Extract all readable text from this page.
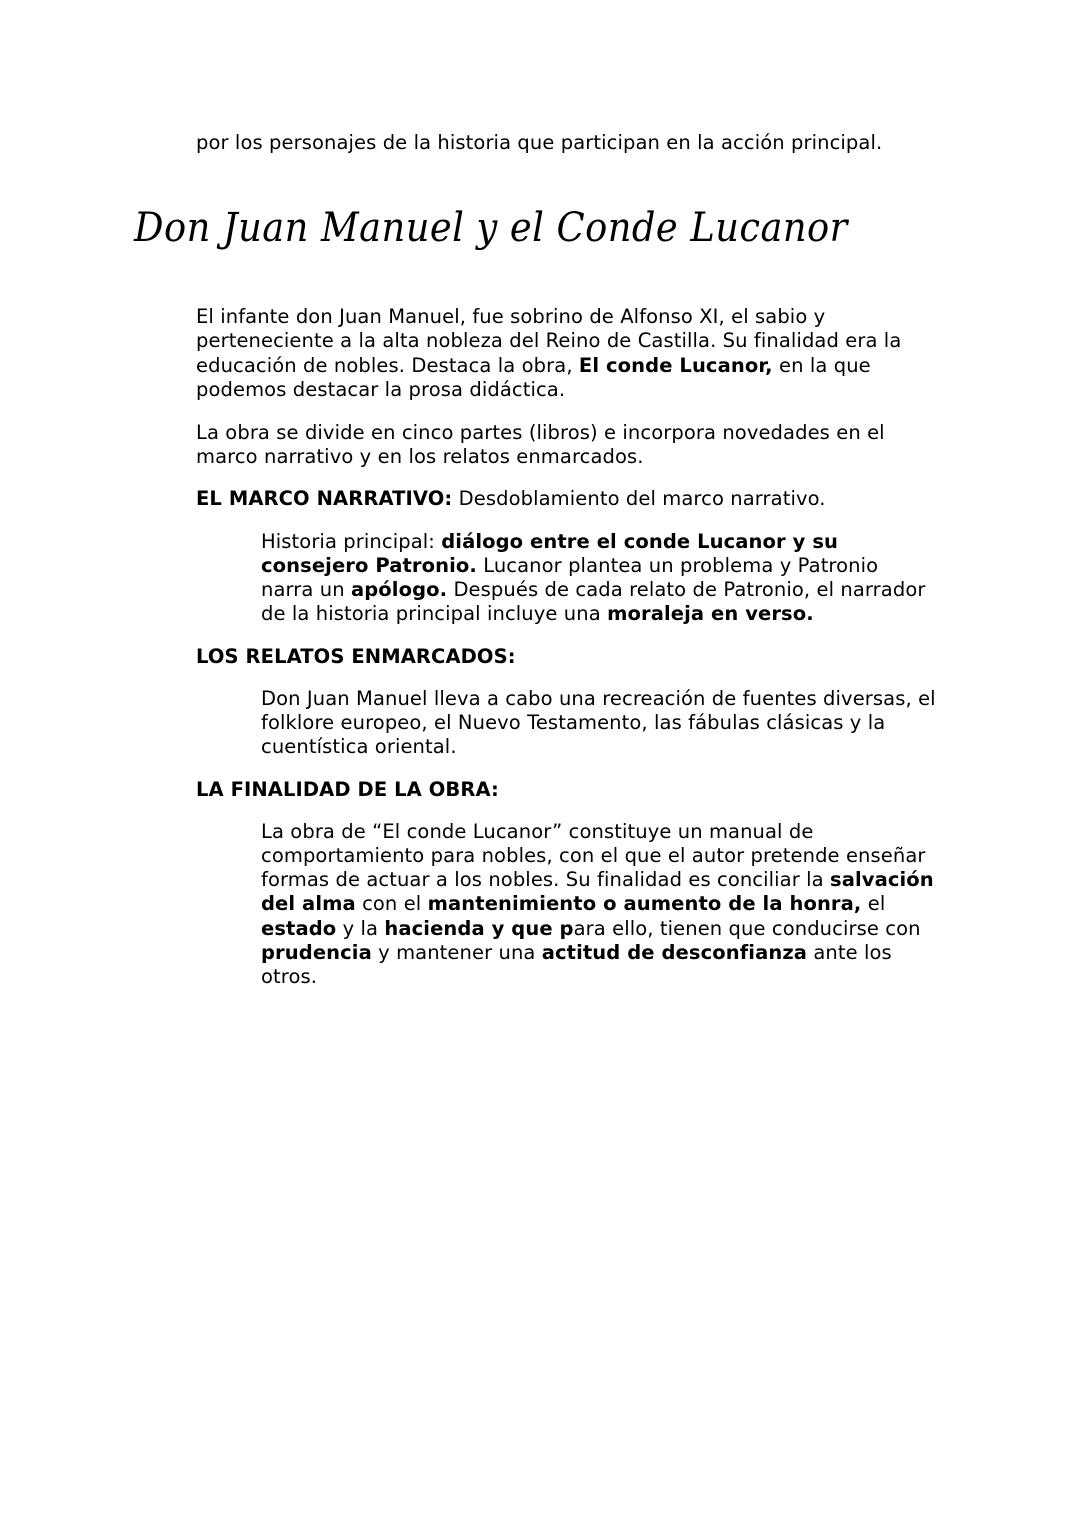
por los personajes de la historia que participan en la acción principal.
Don Juan Manuel y el Conde Lucanor
El infante don Juan Manuel, fue sobrino de Alfonso XI, el sabio y
perteneciente a la alta nobleza del Reino de Castilla. Su finalidad era la
educación de nobles. Destaca la obra, El conde Lucanor, en la que
podemos destacar la prosa didáctica.
La obra se divide en cinco partes (libros) e incorpora novedades en el
marco narrativo y en los relatos enmarcados.
EL MARCO NARRATIVO: Desdoblamiento del marco narrativo.
Historia principal: diálogo entre el conde Lucanor y su
consejero Patronio. Lucanor plantea un problema y Patronio
narra un apólogo. Después de cada relato de Patronio, el narrador
de la historia principal incluye una moraleja en verso.
LOS RELATOS ENMARCADOS:
Don Juan Manuel lleva a cabo una recreación de fuentes diversas, el
folklore europeo, el Nuevo Testamento, las fábulas clásicas y la
cuentística oriental.
LA FINALIDAD DE LA OBRA:
La obra de “El conde Lucanor” constituye un manual de
comportamiento para nobles, con el que el autor pretende enseñar
formas de actuar a los nobles. Su finalidad es conciliar la salvación
del alma con el mantenimiento o aumento de la honra, el
estado y la hacienda y que para ello, tienen que conducirse con
prudencia y mantener una actitud de desconfianza ante los
otros.
